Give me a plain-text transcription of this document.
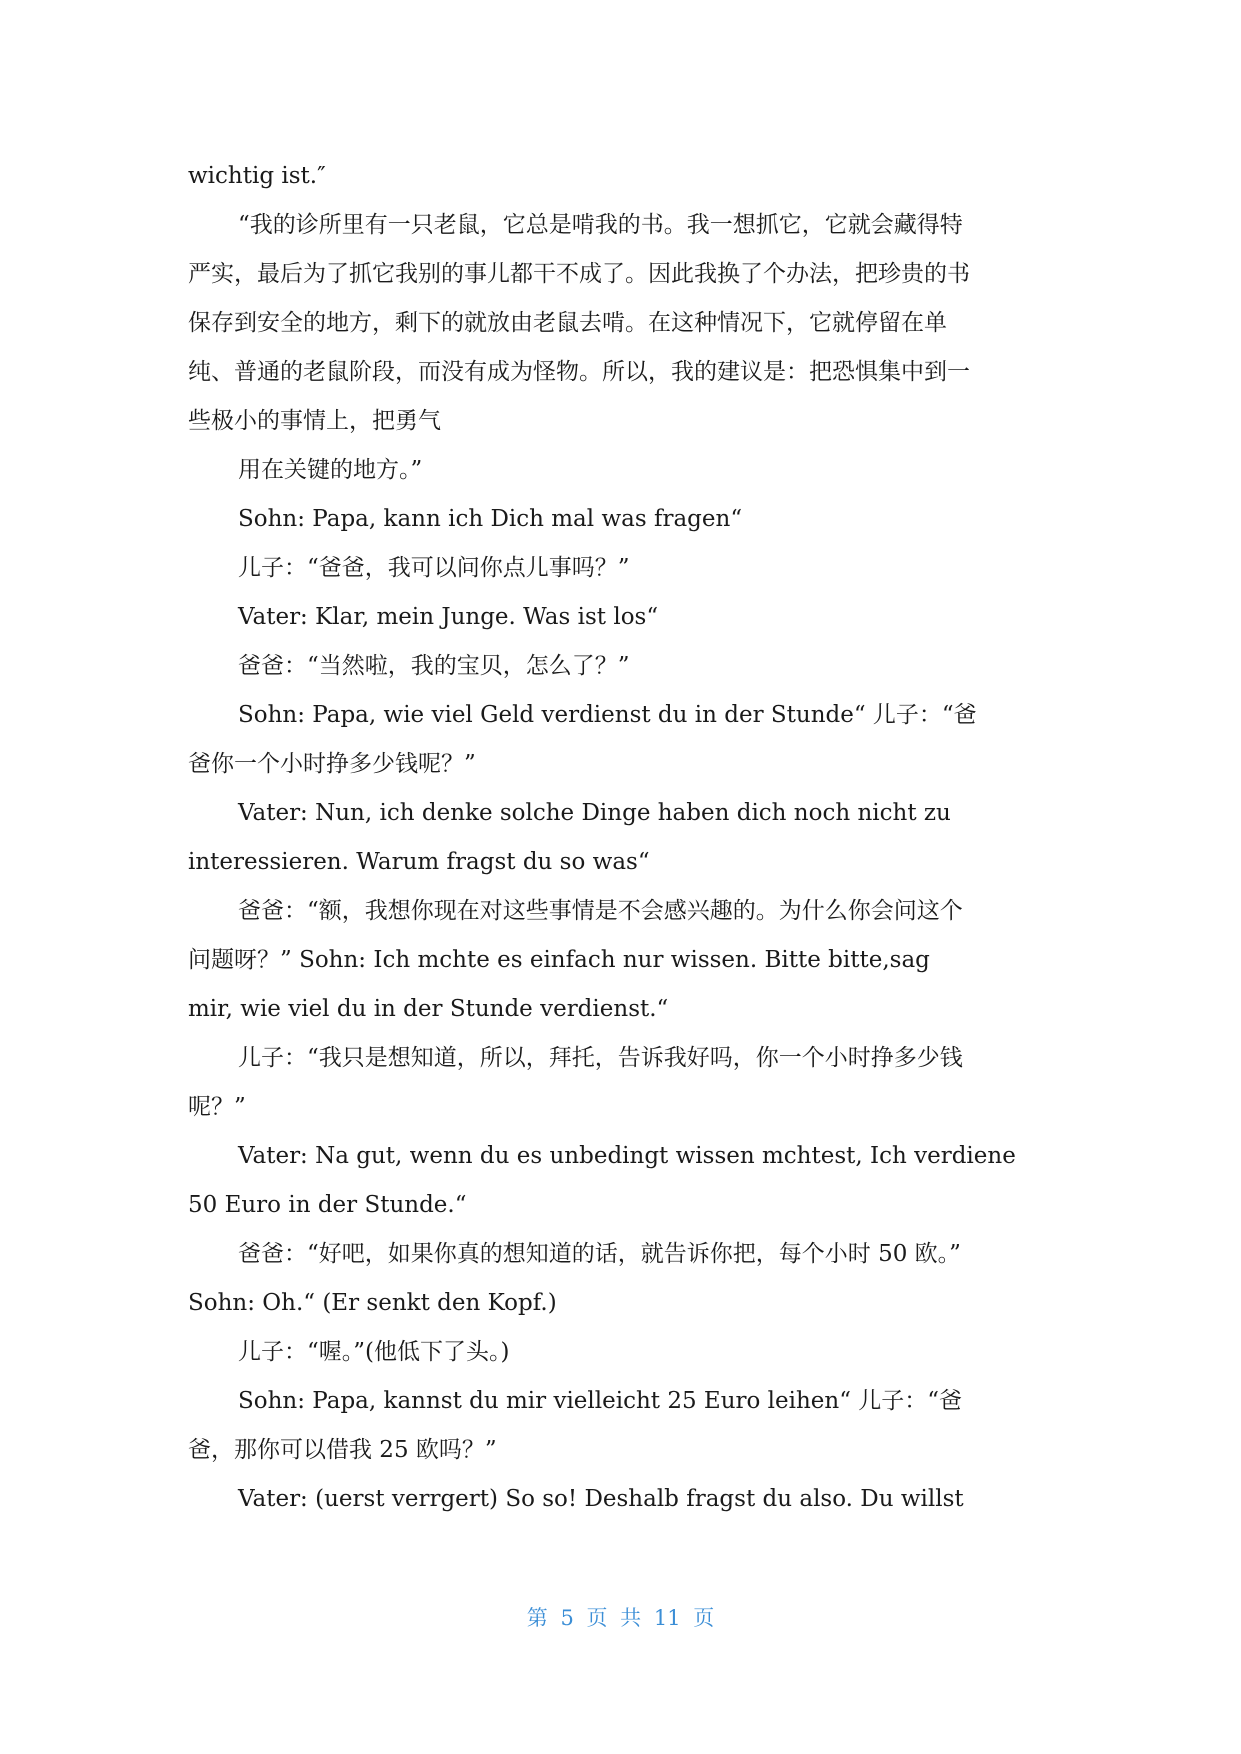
wichtig ist.″
“我的诊所里有一只老鼠，它总是啃我的书。我一想抓它，它就会藏得特
严实，最后为了抓它我别的事儿都干不成了。因此我换了个办法，把珍贵的书
保存到安全的地方，剩下的就放由老鼠去啃。在这种情况下，它就停留在单
纯、普通的老鼠阶段，而没有成为怪物。所以，我的建议是：把恐惧集中到一
些极小的事情上，把勇气
用在关键的地方。”
Sohn: Papa, kann ich Dich mal was fragen“
儿子：“爸爸，我可以问你点儿事吗？”
Vater: Klar, mein Junge. Was ist los“
爸爸：“当然啦，我的宝贝，怎么了？”
Sohn: Papa, wie viel Geld verdienst du in der Stunde“ 儿子：“爸
爸你一个小时挣多少钱呢？”
Vater: Nun, ich denke solche Dinge haben dich noch nicht zu
interessieren. Warum fragst du so was“
爸爸：“额，我想你现在对这些事情是不会感兴趣的。为什么你会问这个
问题呀？” Sohn: Ich mchte es einfach nur wissen. Bitte bitte,sag
mir, wie viel du in der Stunde verdienst.“
儿子：“我只是想知道，所以，拜托，告诉我好吗，你一个小时挣多少钱
呢？”
Vater: Na gut, wenn du es unbedingt wissen mchtest, Ich verdiene
50 Euro in der Stunde.“
爸爸：“好吧，如果你真的想知道的话，就告诉你把，每个小时 50 欧。”
Sohn: Oh.“ (Er senkt den Kopf.)
儿子：“喔。”(他低下了头。)
Sohn: Papa, kannst du mir vielleicht 25 Euro leihen“ 儿子：“爸
爸，那你可以借我 25 欧吗？”
Vater: (uerst verrgert) So so! Deshalb fragst du also. Du willst
第 5 页 共 11 页
